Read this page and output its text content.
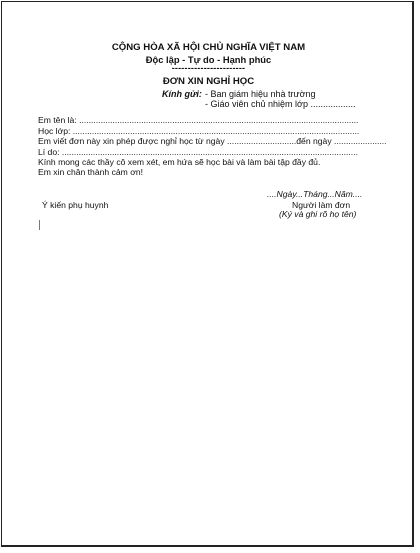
CỘNG HÒA XÃ HỘI CHỦ NGHĨA VIỆT NAM
Độc lập - Tự do - Hạnh phúc
-----------------------
ĐƠN XIN NGHỈ HỌC
Kính gửi: - Ban giám hiệu nhà trường
- Giáo viên chủ nhiệm lớp ..................
Em tên là: .....................................................................................................................
Học lớp: ........................................................................................................................
Em viết đơn này xin phép được nghỉ học từ ngày .............................đến ngày ......................
Lí do: ............................................................................................................................
Kính mong các thầy cô xem xét, em hứa sẽ học bài và làm bài tập đầy đủ.
Em xin chân thành cảm ơn!
....Ngày...Tháng...Năm....
Ý kiến phụ huynh	Người làm đơn
(Ký và ghi rõ họ tên)
